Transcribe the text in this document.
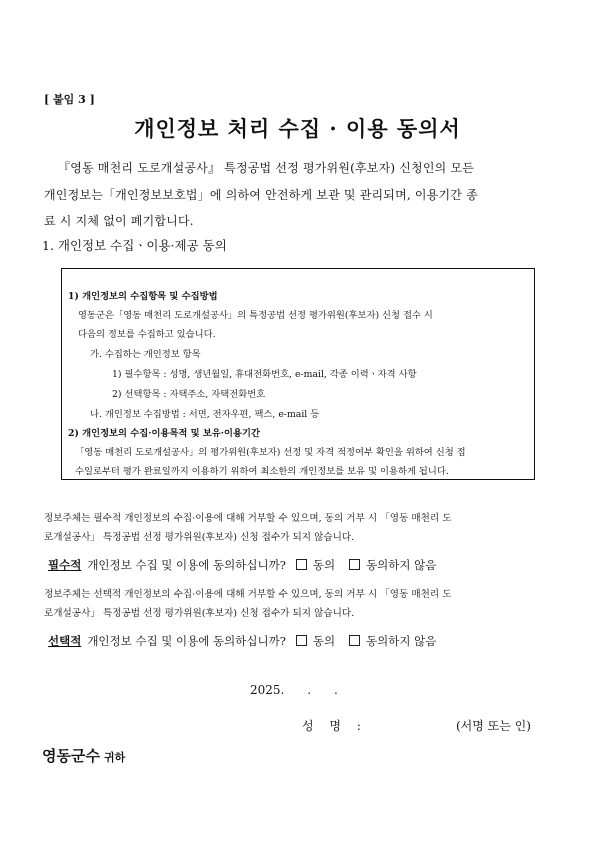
[ 붙임 3 ]
개인정보 처리 수집 · 이용 동의서
『영동 매천리 도로개설공사』 특정공법 선정 평가위원(후보자) 신청인의 모든
개인정보는「개인정보보호법」에 의하여 안전하게 보관 및 관리되며, 이용기간 종
료 시 지체 없이 폐기합니다.
1. 개인정보 수집ㆍ이용·제공 동의
1) 개인정보의 수집항목 및 수집방법
영동군은「영동 매천리 도로개설공사」의 특정공법 선정 평가위원(후보자) 신청 접수 시
다음의 정보를 수집하고 있습니다.
가. 수집하는 개인정보 항목
1) 필수항목 : 성명, 생년월일, 휴대전화번호, e-mail, 각종 이력ㆍ자격 사항
2) 선택항목 : 자택주소, 자택전화번호
나. 개인정보 수집방법 : 서면, 전자우편, 팩스, e-mail 등
2) 개인정보의 수집·이용목적 및 보유·이용기간
「영동 매천리 도로개설공사」의 평가위원(후보자) 선정 및 자격 적정여부 확인을 위하여 신청 접
수일로부터 평가 완료일까지 이용하기 위하여 최소한의 개인정보를 보유 및 이용하게 됩니다.
정보주체는 필수적 개인정보의 수집·이용에 대해 거부할 수 있으며, 동의 거부 시 「영동 매천리 도
로개설공사」 특정공법 선정 평가위원(후보자) 신청 접수가 되지 않습니다.
필수적 개인정보 수집 및 이용에 동의하십니까? 동의	동의하지 않음
정보주체는 선택적 개인정보의 수집·이용에 대해 거부할 수 있으며, 동의 거부 시 「영동 매천리 도
로개설공사」 특정공법 선정 평가위원(후보자) 신청 접수가 되지 않습니다.
선택적 개인정보 수집 및 이용에 동의하십니까? 동의	동의하지 않음
2025.      .      .
성 명 :	(서명 또는 인)
영동군수 귀하
